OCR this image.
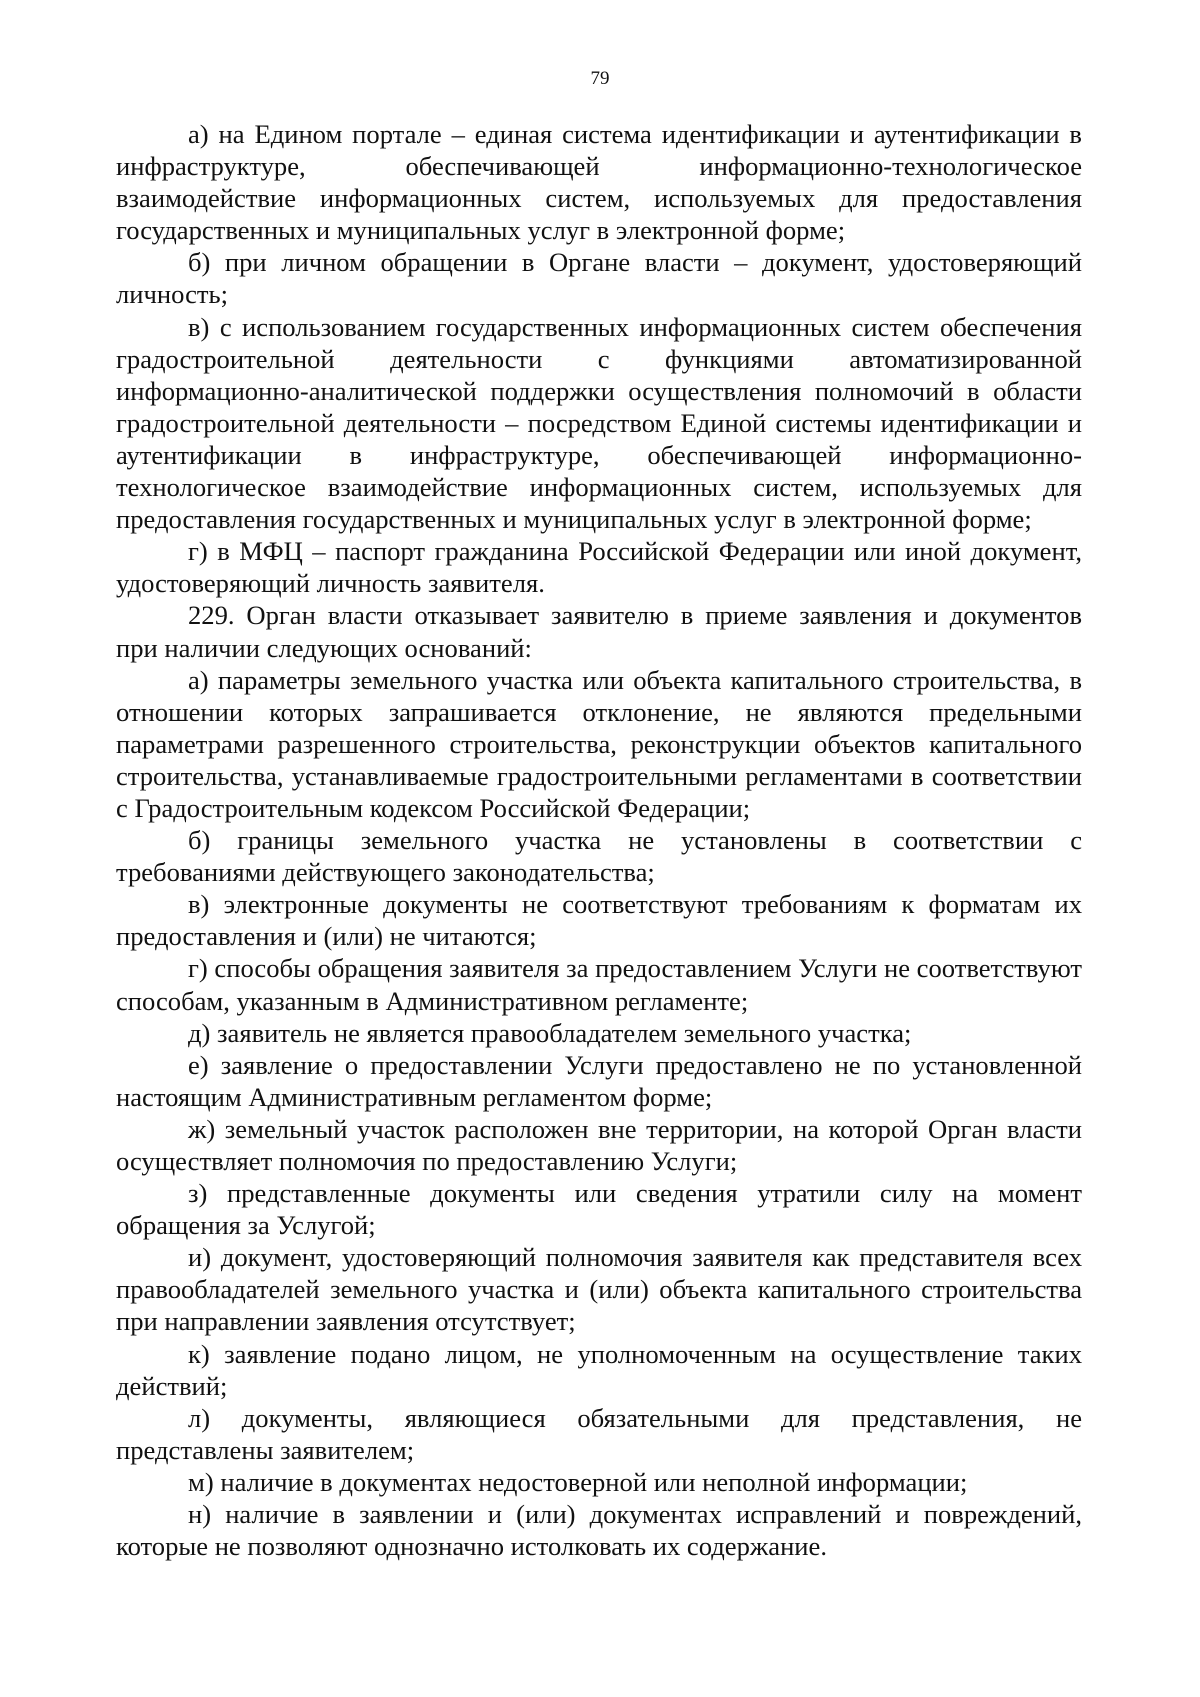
79

а) на Едином портале – единая система идентификации и аутентификации в инфраструктуре, обеспечивающей информационно-технологическое взаимодействие информационных систем, используемых для предоставления государственных и муниципальных услуг в электронной форме;

б) при личном обращении в Органе власти – документ, удостоверяющий личность;

в) с использованием государственных информационных систем обеспечения градостроительной деятельности с функциями автоматизированной информационно-аналитической поддержки осуществления полномочий в области градостроительной деятельности – посредством Единой системы идентификации и аутентификации в инфраструктуре, обеспечивающей информационно-технологическое взаимодействие информационных систем, используемых для предоставления государственных и муниципальных услуг в электронной форме;

г) в МФЦ – паспорт гражданина Российской Федерации или иной документ, удостоверяющий личность заявителя.

229. Орган власти отказывает заявителю в приеме заявления и документов при наличии следующих оснований:

а) параметры земельного участка или объекта капитального строительства, в отношении которых запрашивается отклонение, не являются предельными параметрами разрешенного строительства, реконструкции объектов капитального строительства, устанавливаемые градостроительными регламентами в соответствии с Градостроительным кодексом Российской Федерации;

б) границы земельного участка не установлены в соответствии с требованиями действующего законодательства;

в) электронные документы не соответствуют требованиям к форматам их предоставления и (или) не читаются;

г) способы обращения заявителя за предоставлением Услуги не соответствуют способам, указанным в Административном регламенте;

д) заявитель не является правообладателем земельного участка;

е) заявление о предоставлении Услуги предоставлено не по установленной настоящим Административным регламентом форме;

ж) земельный участок расположен вне территории, на которой Орган власти осуществляет полномочия по предоставлению Услуги;

з) представленные документы или сведения утратили силу на момент обращения за Услугой;

и) документ, удостоверяющий полномочия заявителя как представителя всех правообладателей земельного участка и (или) объекта капитального строительства при направлении заявления отсутствует;

к) заявление подано лицом, не уполномоченным на осуществление таких действий;

л) документы, являющиеся обязательными для представления, не представлены заявителем;

м) наличие в документах недостоверной или неполной информации;

н) наличие в заявлении и (или) документах исправлений и повреждений, которые не позволяют однозначно истолковать их содержание.
